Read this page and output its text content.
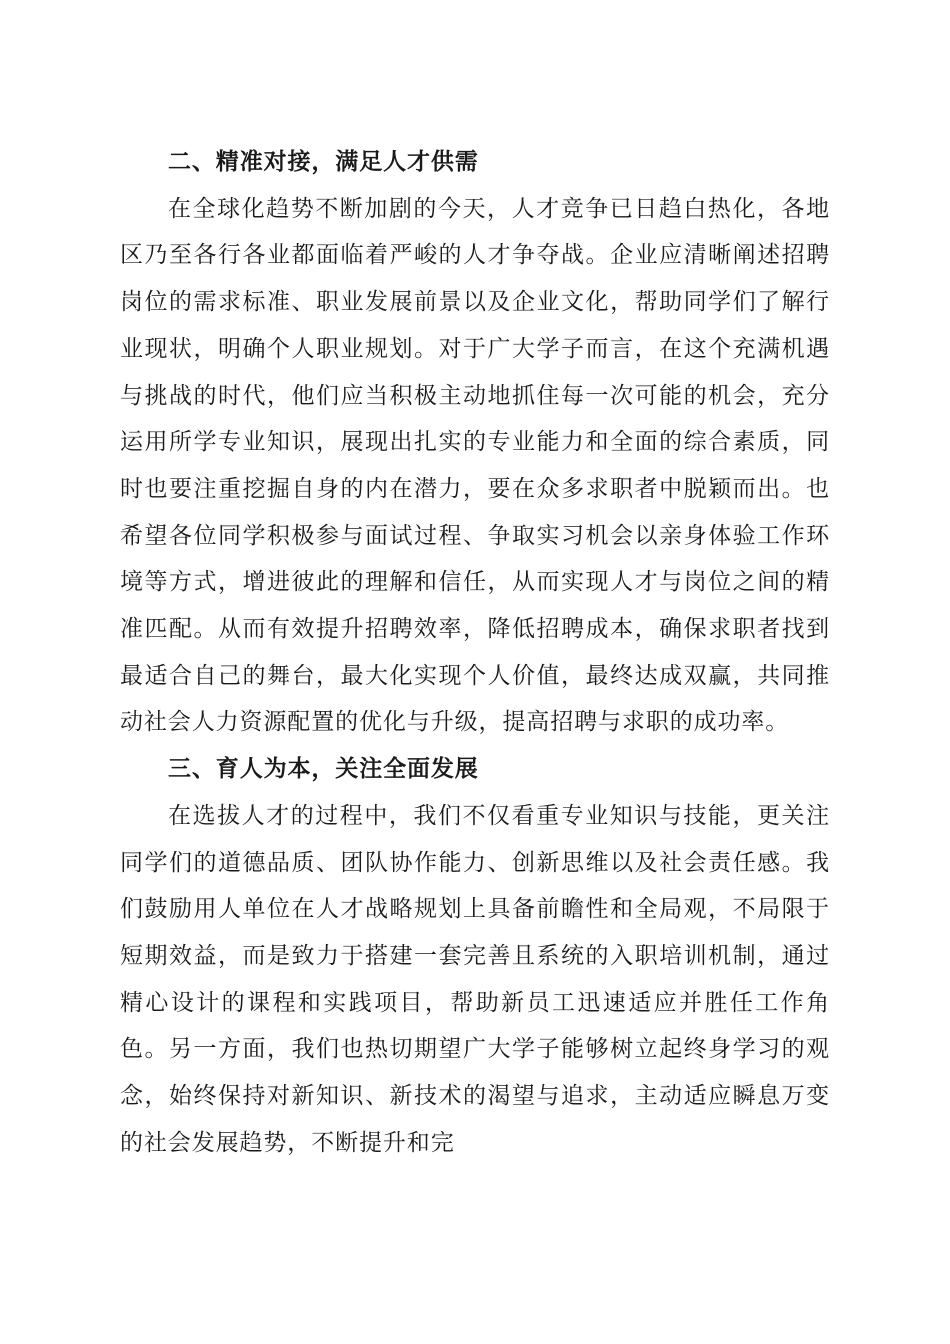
二、精准对接，满足人才供需

在全球化趋势不断加剧的今天，人才竞争已日趋白热化，各地区乃至各行各业都面临着严峻的人才争夺战。企业应清晰阐述招聘岗位的需求标准、职业发展前景以及企业文化，帮助同学们了解行业现状，明确个人职业规划。对于广大学子而言，在这个充满机遇与挑战的时代，他们应当积极主动地抓住每一次可能的机会，充分运用所学专业知识，展现出扎实的专业能力和全面的综合素质，同时也要注重挖掘自身的内在潜力，要在众多求职者中脱颖而出。也希望各位同学积极参与面试过程、争取实习机会以亲身体验工作环境等方式，增进彼此的理解和信任，从而实现人才与岗位之间的精准匹配。从而有效提升招聘效率，降低招聘成本，确保求职者找到最适合自己的舞台，最大化实现个人价值，最终达成双赢，共同推动社会人力资源配置的优化与升级，提高招聘与求职的成功率。

三、育人为本，关注全面发展

在选拔人才的过程中，我们不仅看重专业知识与技能，更关注同学们的道德品质、团队协作能力、创新思维以及社会责任感。我们鼓励用人单位在人才战略规划上具备前瞻性和全局观，不局限于短期效益，而是致力于搭建一套完善且系统的入职培训机制，通过精心设计的课程和实践项目，帮助新员工迅速适应并胜任工作角色。另一方面，我们也热切期望广大学子能够树立起终身学习的观念，始终保持对新知识、新技术的渴望与追求，主动适应瞬息万变的社会发展趋势，不断提升和完
